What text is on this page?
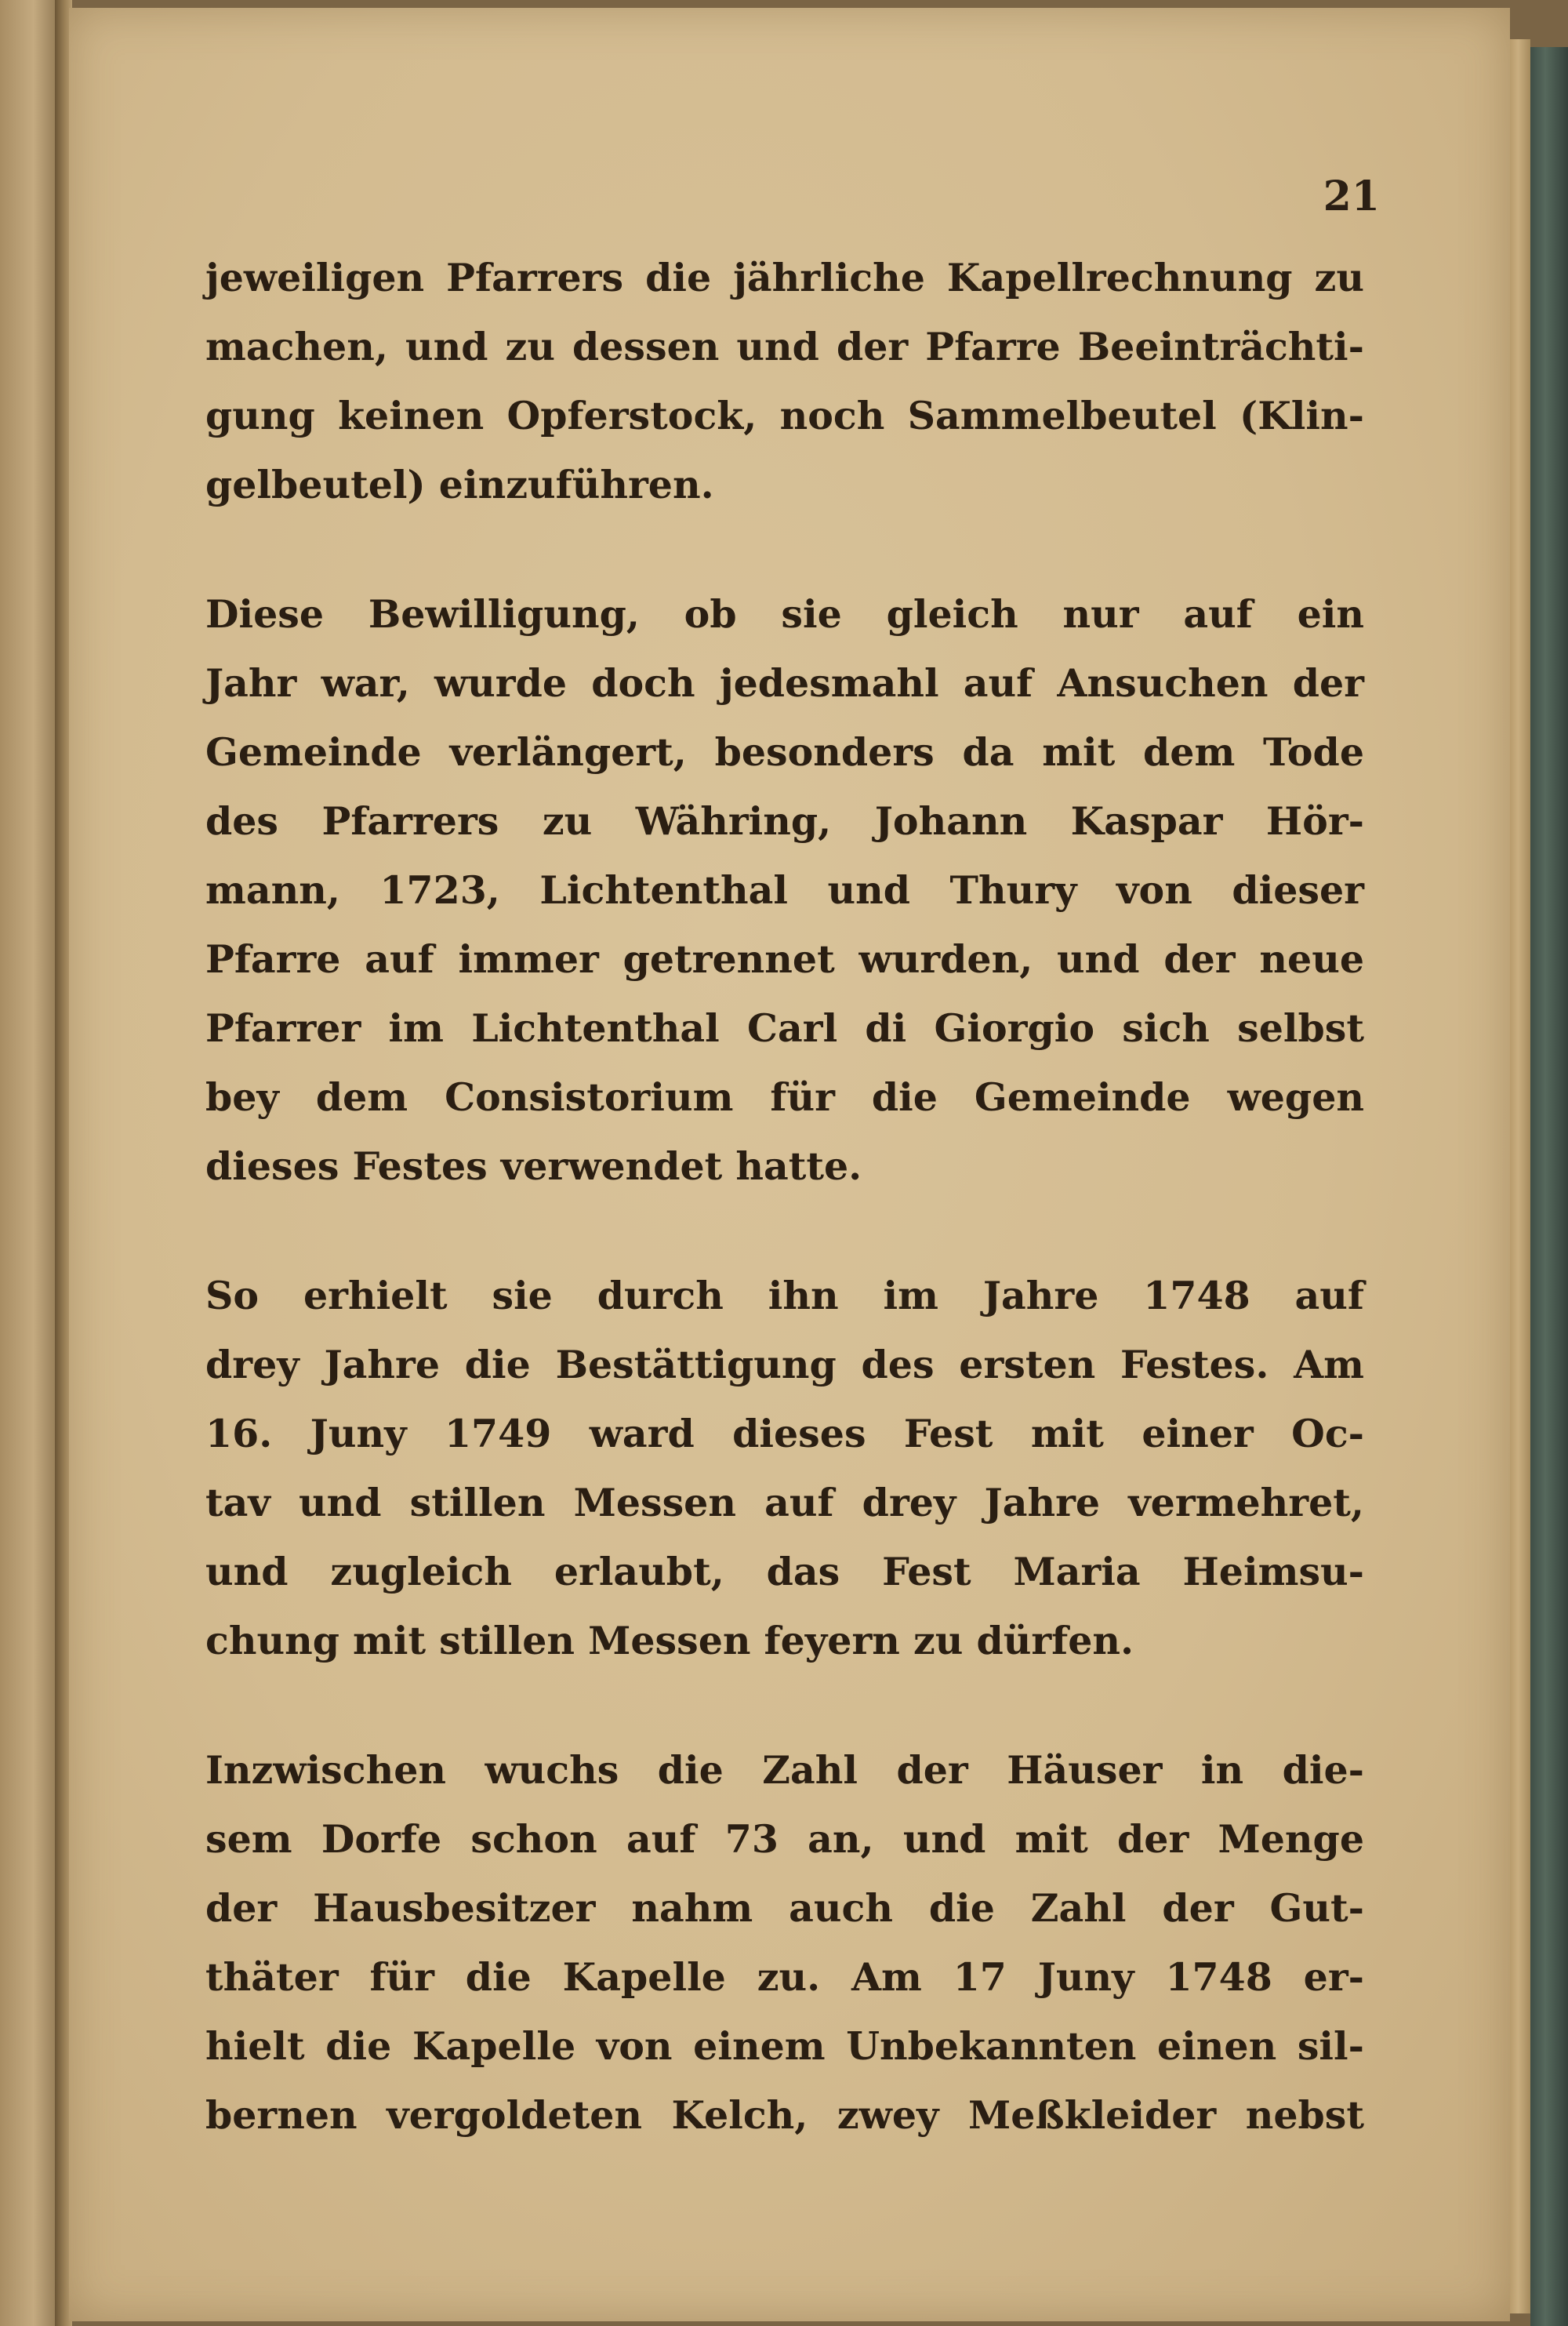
21
jeweiligen Pfarrers die jährliche Kapellrechnung zu
machen, und zu dessen und der Pfarre Beeinträchti-
gung keinen Opferstock, noch Sammelbeutel (Klin-
gelbeutel) einzuführen.
Diese Bewilligung, ob sie gleich nur auf ein
Jahr war, wurde doch jedesmahl auf Ansuchen der
Gemeinde verlängert, besonders da mit dem Tode
des Pfarrers zu Währing, Johann Kaspar Hör-
mann, 1723, Lichtenthal und Thury von dieser
Pfarre auf immer getrennet wurden, und der neue
Pfarrer im Lichtenthal Carl di Giorgio sich selbst
bey dem Consistorium für die Gemeinde wegen
dieses Festes verwendet hatte.
So erhielt sie durch ihn im Jahre 1748 auf
drey Jahre die Bestättigung des ersten Festes. Am
16. Juny 1749 ward dieses Fest mit einer Oc-
tav und stillen Messen auf drey Jahre vermehret,
und zugleich erlaubt, das Fest Maria Heimsu-
chung mit stillen Messen feyern zu dürfen.
Inzwischen wuchs die Zahl der Häuser in die-
sem Dorfe schon auf 73 an, und mit der Menge
der Hausbesitzer nahm auch die Zahl der Gut-
thäter für die Kapelle zu. Am 17 Juny 1748 er-
hielt die Kapelle von einem Unbekannten einen sil-
bernen vergoldeten Kelch, zwey Meßkleider nebst
